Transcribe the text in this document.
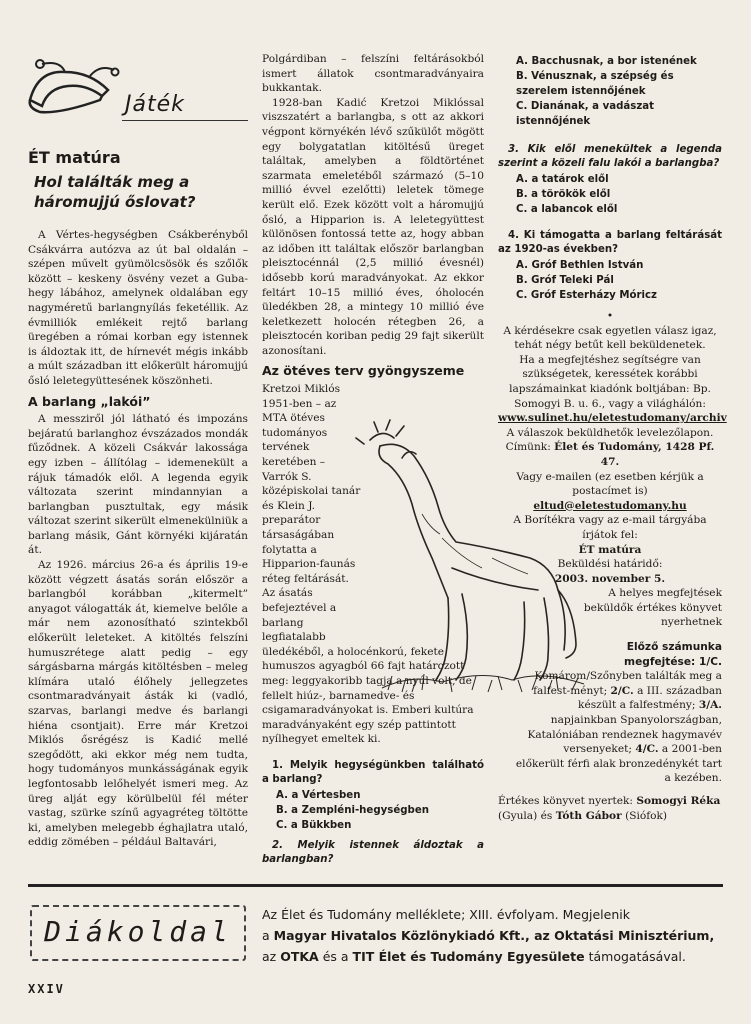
Játék
ÉT matúra
Hol találták meg a háromujjú őslovat?

A Vértes-hegységben Csákberényből Csákvárra autózva az út bal oldalán – szépen művelt gyümölcsösök és szőlők között – keskeny ösvény vezet a Guba-hegy lábához, amelynek oldalában egy nagyméretű barlangnyílás feketéllik. Az évmilliók emlékeit rejtő barlang üregében a római korban egy istennek is áldoztak itt, de hírnevét mégis inkább a múlt században itt előkerült háromujjú ősló leletegyüttesének köszönheti.

A barlang „lakói”

A messziről jól látható és impozáns bejáratú barlanghoz évszázados mondák fűződnek. A közeli Csákvár lakossága egy izben – állítólag – idemenekült a rájuk támadók elől. A legenda egyik változata szerint mindannyian a barlangban pusztultak, egy másik változat szerint sikerült elmenekülniük a barlang másik, Gánt környéki kijáratán át.

Az 1926. március 26-a és április 19-e között végzett ásatás során először a barlangból korábban „kitermelt” anyagot válogatták át, kiemelve belőle a már nem azonosítható szintekből előkerült leleteket. A kitöltés felszíni humuszrétege alatt pedig – egy sárgásbarna márgás kitöltésben – meleg klímára utaló élőhely jellegzetes csontmaradványait ásták ki (vadló, szarvas, barlangi medve és barlangi hiéna csontjait). Erre már Kretzoi Miklós ősrégész is Kadić mellé szegődött, aki ekkor még nem tudta, hogy tudományos munkásságának egyik legfontosabb lelőhelyét ismeri meg. Az üreg alját egy körülbelül fél méter vastag, szürke színű agyagréteg töltötte ki, amelyben melegebb éghajlatra utaló, eddig zömében – például Baltavári,

Polgárdiban – felszíni feltárásokból ismert állatok csontmaradványaira bukkantak.

1928-ban Kadić Kretzoi Miklóssal viszszatért a barlangba, s ott az akkori végpont környékén lévő szűkülőt mögött egy bolygatatlan kitöltésű üreget találtak, amelyben a földtörténet szarmata emeletéből származó (5–10 millió évvel ezelőtti) leletek tömege került elő. Ezek között volt a háromujjú ősló, a Hipparion is. A leletegyüttest különösen fontossá tette az, hogy abban az időben itt találtak először barlangban pleisztocénnál (2,5 millió évesnél) idősebb korú maradványokat. Az ekkor feltárt 10–15 millió éves, óholocén üledékben 28, a mintegy 10 millió éve keletkezett holocén rétegben 26, a pleisztocén koriban pedig 29 fajt sikerült azonosítani.

Az ötéves terv gyöngyszeme

Kretzoi Miklós 1951-ben – az MTA ötéves tudományos tervének keretében – Varrók S. középiskolai tanár és Klein J. preparátor társaságában folytatta a Hipparion-faunás réteg feltárását. Az ásatás befejeztével a barlang legfiatalabb üledékéből, a holocénkorú, fekete humuszos agyagból 66 fajt határozott meg: leggyakoribb tagja a nyúl volt, de fellelt hiúz-, barnamedve- és csigamaradványokat is. Emberi kultúra maradványaként egy szép pattintott nyílhegyet emeltek ki.

1. Melyik hegységünkben található a barlang?

A. a Vértesben
B. a Zempléni-hegységben
C. a Bükkben

2. Melyik istennek áldoztak a barlangban?

A. Bacchusnak, a bor istenének
B. Vénusznak, a szépség és szerelem istennőjének
C. Dianának, a vadászat istennőjének

3. Kik elől menekültek a legenda szerint a közeli falu lakói a barlangba?

A. a tatárok elől
B. a törökök elől
C. a labancok elől

4. Ki támogatta a barlang feltárását az 1920-as években?

A. Gróf Bethlen István
B. Gróf Teleki Pál
C. Gróf Esterházy Móricz
•
A kérdésekre csak egyetlen válasz igaz, tehát négy betűt kell beküldenetek.
Ha a megfejtéshez segítségre van szükségetek, keressétek korábbi lapszámainkat kiadónk boltjában: Bp. Somogyi B. u. 6., vagy a világhálón:
www.sulinet.hu/eletestudomany/archiv
A válaszok beküldhetők levelezőlapon.
Címünk: Élet és Tudomány, 1428 Pf. 47.
Vagy e-mailen (ez esetben kérjük a postacímet is)
eltud@eletestudomany.hu
A Borítékra vagy az e-mail tárgyába írjátok fel:
ÉT matúra
Beküldési határidő:
2003. november 5.
A helyes megfejtések beküldők értékes könyvet nyerhetnek
Előző számunka megfejtése: 1/C.
Komárom/Szőnyben találták meg a falfest-ményt; 2/C. a III. században készült a falfestmény; 3/A. napjainkban Spanyolországban, Katalóniában rendeznek hagymavév versenyeket; 4/C. a 2001-ben előkerült férfi alak bronzedénykét tart a kezében.
Értékes könyvet nyertek: Somogyi Réka (Gyula) és Tóth Gábor (Siófok)
Diákoldal
Az Élet és Tudomány melléklete; XIII. évfolyam. Megjelenik
a Magyar Hivatalos Közlönykiadó Kft., az Oktatási Minisztérium,
az OTKA és a TIT Élet és Tudomány Egyesülete támogatásával.
XXIV
